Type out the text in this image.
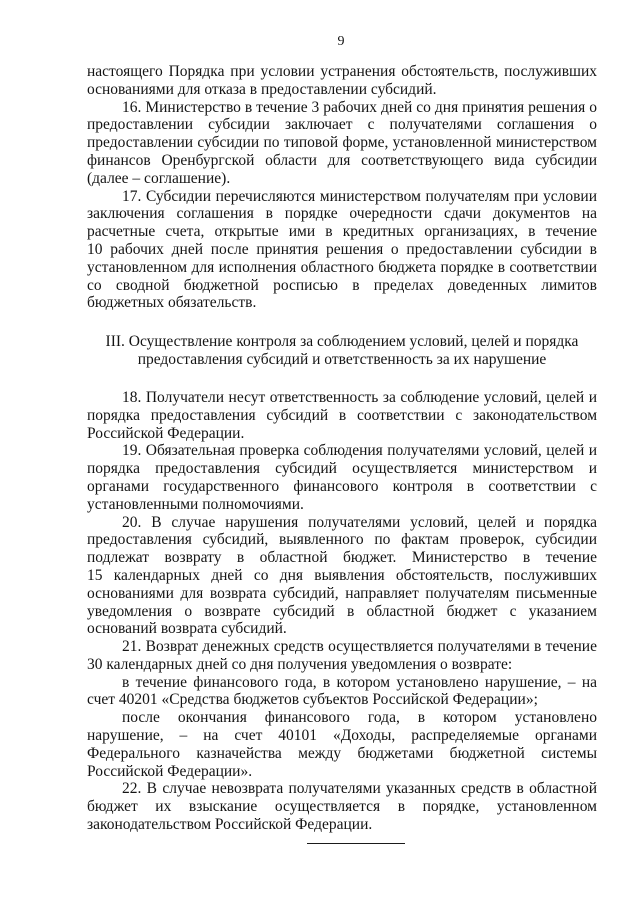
9
настоящего Порядка при условии устранения обстоятельств, послуживших
основаниями для отказа в предоставлении субсидий.
16. Министерство в течение 3 рабочих дней со дня принятия решения о
предоставлении субсидии заключает с получателями соглашения о
предоставлении субсидии по типовой форме, установленной министерством
финансов Оренбургской области для соответствующего вида субсидии
(далее – соглашение).
17. Субсидии перечисляются министерством получателям при условии
заключения соглашения в порядке очередности сдачи документов на
расчетные счета, открытые ими в кредитных организациях, в течение
10 рабочих дней после принятия решения о предоставлении субсидии в
установленном для исполнения областного бюджета порядке в соответствии
со сводной бюджетной росписью в пределах доведенных лимитов
бюджетных обязательств.
III. Осуществление контроля за соблюдением условий, целей и порядка
предоставления субсидий и ответственность за их нарушение
18. Получатели несут ответственность за соблюдение условий, целей и
порядка предоставления субсидий в соответствии с законодательством
Российской Федерации.
19. Обязательная проверка соблюдения получателями условий, целей и
порядка предоставления субсидий осуществляется министерством и
органами государственного финансового контроля в соответствии с
установленными полномочиями.
20. В случае нарушения получателями условий, целей и порядка
предоставления субсидий, выявленного по фактам проверок, субсидии
подлежат возврату в областной бюджет. Министерство в течение
15 календарных дней со дня выявления обстоятельств, послуживших
основаниями для возврата субсидий, направляет получателям письменные
уведомления о возврате субсидий в областной бюджет с указанием
оснований возврата субсидий.
21. Возврат денежных средств осуществляется получателями в течение
30 календарных дней со дня получения уведомления о возврате:
в течение финансового года, в котором установлено нарушение, – на
счет 40201 «Средства бюджетов субъектов Российской Федерации»;
после окончания финансового года, в котором установлено
нарушение, – на счет 40101 «Доходы, распределяемые органами
Федерального казначейства между бюджетами бюджетной системы
Российской Федерации».
22. В случае невозврата получателями указанных средств в областной
бюджет их взыскание осуществляется в порядке, установленном
законодательством Российской Федерации.
